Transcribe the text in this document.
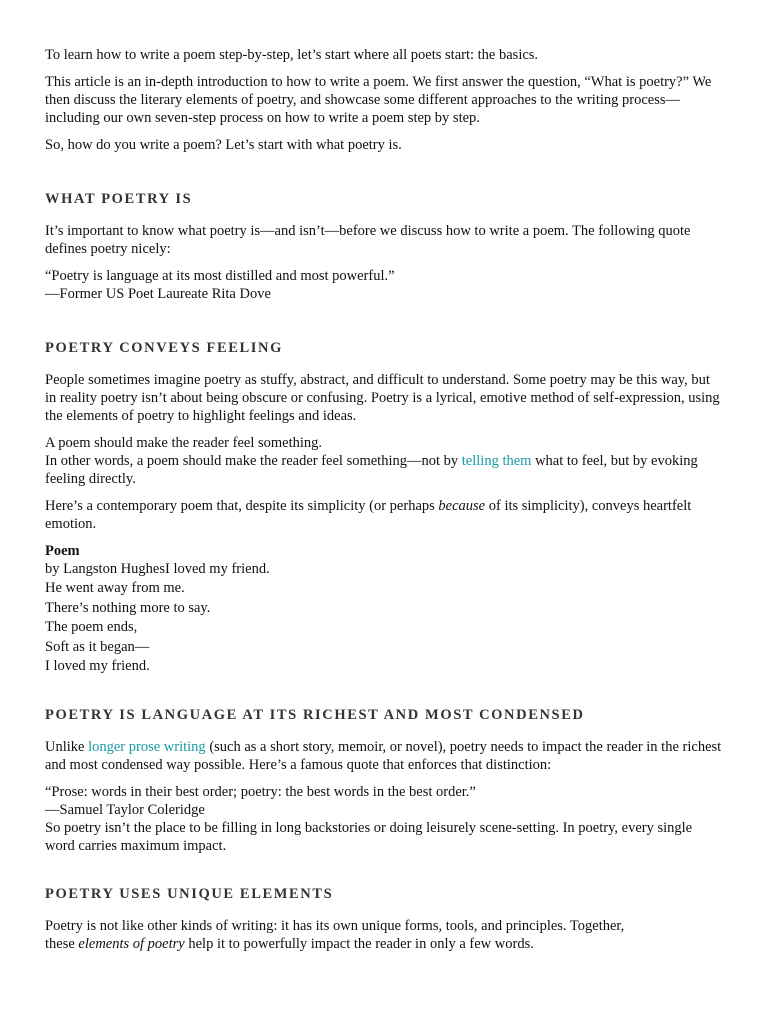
To learn how to write a poem step-by-step, let’s start where all poets start: the basics.

This article is an in-depth introduction to how to write a poem. We first answer the question, “What is poetry?” We then discuss the literary elements of poetry, and showcase some different approaches to the writing process—including our own seven-step process on how to write a poem step by step.

So, how do you write a poem? Let’s start with what poetry is.

WHAT POETRY IS

It’s important to know what poetry is—and isn’t—before we discuss how to write a poem. The following quote defines poetry nicely:

“Poetry is language at its most distilled and most powerful.”
—Former US Poet Laureate Rita Dove
POETRY CONVEYS FEELING

People sometimes imagine poetry as stuffy, abstract, and difficult to understand. Some poetry may be this way, but in reality poetry isn’t about being obscure or confusing. Poetry is a lyrical, emotive method of self-expression, using the elements of poetry to highlight feelings and ideas.

A poem should make the reader feel something.
In other words, a poem should make the reader feel something—not by telling them what to feel, but by evoking feeling directly.

Here’s a contemporary poem that, despite its simplicity (or perhaps because of its simplicity), conveys heartfelt emotion.

Poem
by Langston HughesI loved my friend.
He went away from me.
There’s nothing more to say.
The poem ends,
Soft as it began—
I loved my friend.
POETRY IS LANGUAGE AT ITS RICHEST AND MOST CONDENSED

Unlike longer prose writing (such as a short story, memoir, or novel), poetry needs to impact the reader in the richest and most condensed way possible. Here’s a famous quote that enforces that distinction:

“Prose: words in their best order; poetry: the best words in the best order.”
—Samuel Taylor Coleridge

So poetry isn’t the place to be filling in long backstories or doing leisurely scene-setting. In poetry, every single word carries maximum impact.

POETRY USES UNIQUE ELEMENTS

Poetry is not like other kinds of writing: it has its own unique forms, tools, and principles. Together,
these elements of poetry help it to powerfully impact the reader in only a few words.
